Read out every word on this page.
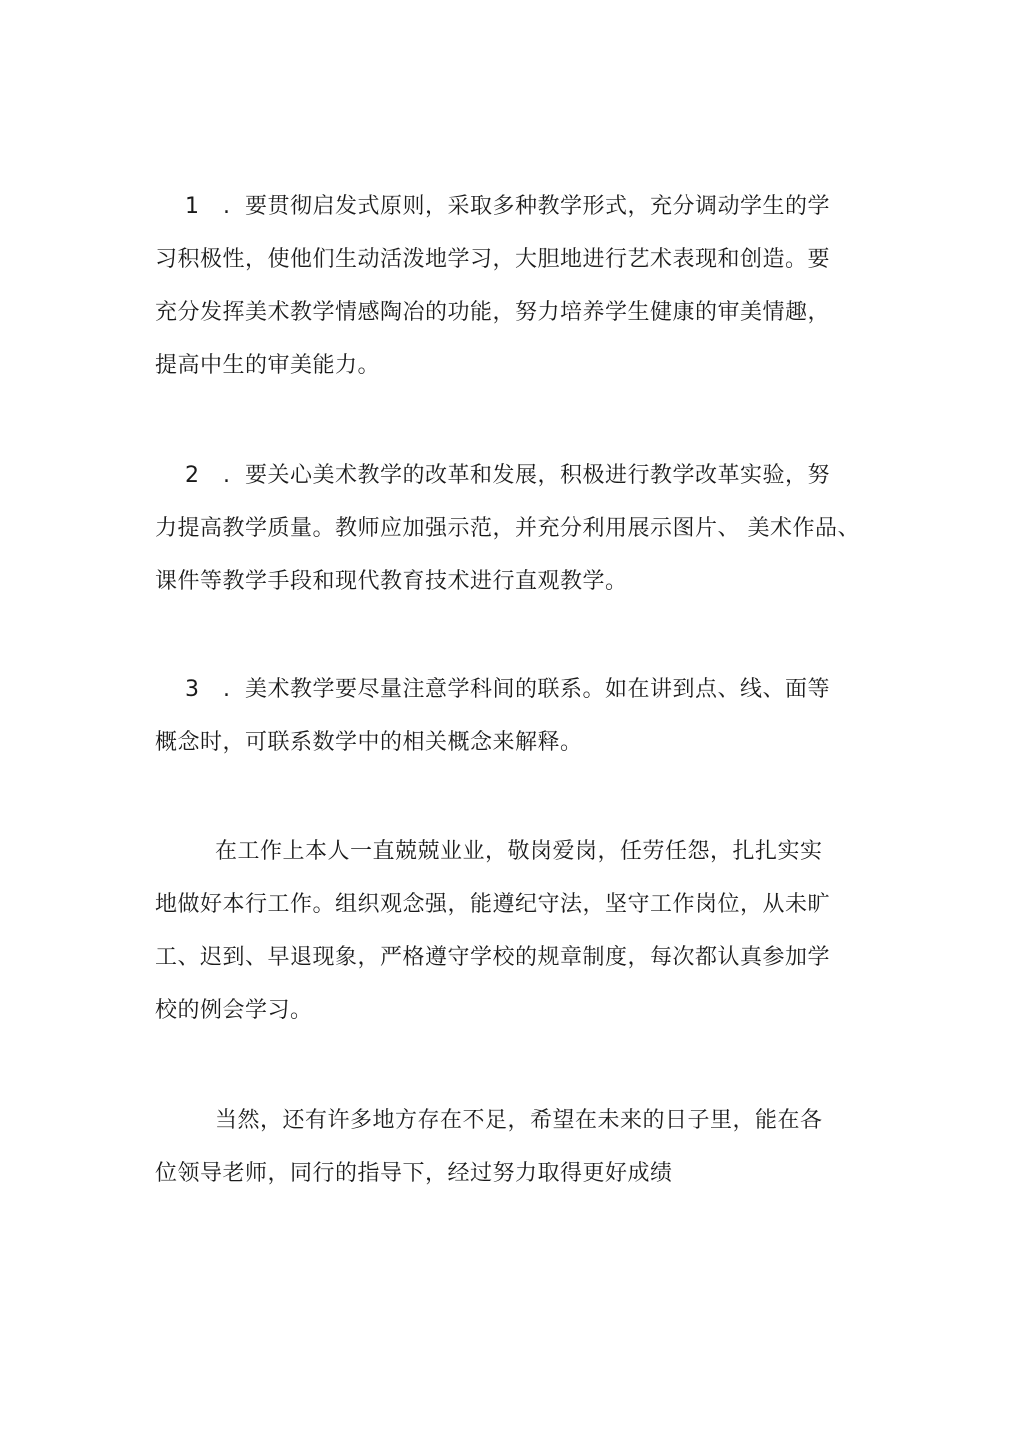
1 . 要贯彻启发式原则，采取多种教学形式，充分调动学生的学
习积极性，使他们生动活泼地学习，大胆地进行艺术表现和创造。要
充分发挥美术教学情感陶冶的功能，努力培养学生健康的审美情趣，
提高中生的审美能力。
2 . 要关心美术教学的改革和发展，积极进行教学改革实验，努
力提高教学质量。教师应加强示范，并充分利用展示图片、 美术作品、
课件等教学手段和现代教育技术进行直观教学。
3 . 美术教学要尽量注意学科间的联系。如在讲到点、线、面等
概念时，可联系数学中的相关概念来解释。
在工作上本人一直兢兢业业，敬岗爱岗，任劳任怨，扎扎实实
地做好本行工作。组织观念强，能遵纪守法，坚守工作岗位，从未旷
工、迟到、早退现象，严格遵守学校的规章制度，每次都认真参加学
校的例会学习。
当然，还有许多地方存在不足，希望在未来的日子里，能在各
位领导老师，同行的指导下，经过努力取得更好成绩
